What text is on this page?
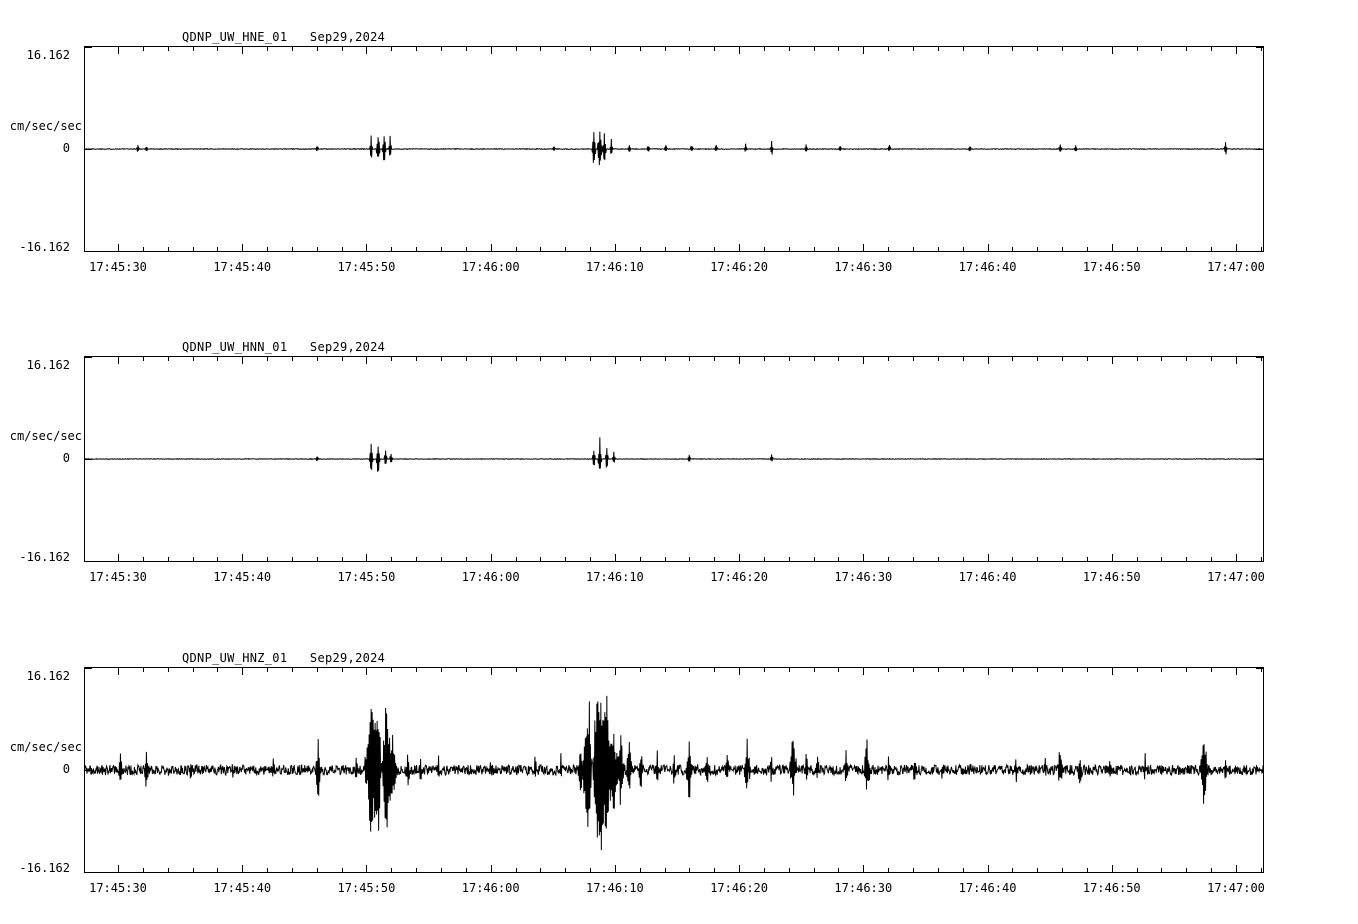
QDNP_UW_HNE_01   Sep29,2024
cm/sec/sec
16.162
0
-16.162
17:45:30	17:45:40	17:45:50	17:46:00	17:46:10	17:46:20	17:46:30	17:46:40	17:46:50	17:47:00
QDNP_UW_HNN_01   Sep29,2024
cm/sec/sec
16.162
0
-16.162
17:45:30	17:45:40	17:45:50	17:46:00	17:46:10	17:46:20	17:46:30	17:46:40	17:46:50	17:47:00
QDNP_UW_HNZ_01   Sep29,2024
cm/sec/sec
16.162
0
-16.162
17:45:30	17:45:40	17:45:50	17:46:00	17:46:10	17:46:20	17:46:30	17:46:40	17:46:50	17:47:00
